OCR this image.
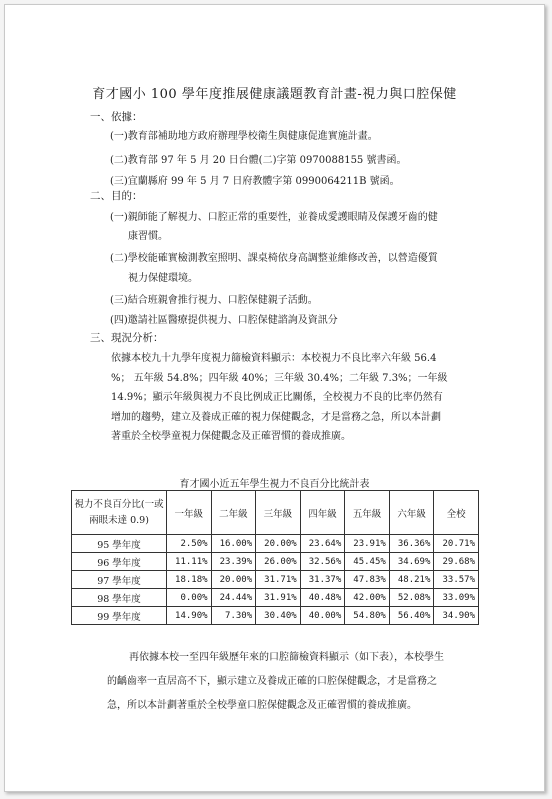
育才國小 100 學年度推展健康議題教育計畫-視力與口腔保健
一、依據：
(一)教育部補助地方政府辦理學校衛生與健康促進實施計畫。
(二)教育部 97 年 5 月 20 日台體(二)字第 0970088155 號書函。
(三)宜蘭縣府 99 年 5 月 7 日府教體字第 0990064211B 號函。
二、目的：
(一)親師能了解視力、口腔正常的重要性，並養成愛護眼睛及保護牙齒的健
康習慣。
(二)學校能確實檢測教室照明、課桌椅依身高調整並維修改善，以營造優質
視力保健環境。
(三)結合班親會推行視力、口腔保健親子活動。
(四)邀請社區醫療提供視力、口腔保健諮詢及資訊分
三、現況分析：
依據本校九十九學年度視力篩檢資料顯示：本校視力不良比率六年級 56.4
%； 五年級 54.8%；四年級 40%；三年級 30.4%；二年級 7.3%；一年級
14.9%；顯示年級與視力不良比例成正比關係，全校視力不良的比率仍然有
增加的趨勢，建立及養成正確的視力保健觀念，才是當務之急，所以本計劃
著重於全校學童視力保健觀念及正確習慣的養成推廣。
育才國小近五年學生視力不良百分比統計表
視力不良百分比(一或
兩眼未達 0.9)	一年級	二年級	三年級	四年級	五年級	六年級	全校
95 學年度	2.50%	16.00%	20.00%	23.64%	23.91%	36.36%	20.71%
96 學年度	11.11%	23.39%	26.00%	32.56%	45.45%	34.69%	29.68%
97 學年度	18.18%	20.00%	31.71%	31.37%	47.83%	48.21%	33.57%
98 學年度	0.00%	24.44%	31.91%	40.48%	42.00%	52.08%	33.09%
99 學年度	14.90%	7.30%	30.40%	40.00%	54.80%	56.40%	34.90%
再依據本校一至四年級歷年來的口腔篩檢資料顯示（如下表），本校學生
的齲齒率一直居高不下，顯示建立及養成正確的口腔保健觀念，才是當務之
急，所以本計劃著重於全校學童口腔保健觀念及正確習慣的養成推廣。
